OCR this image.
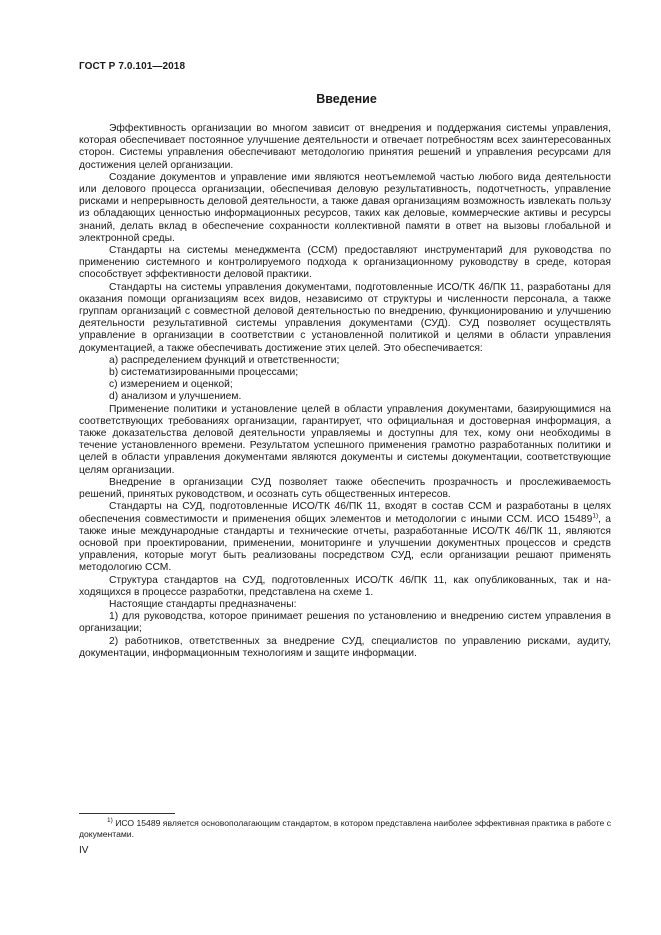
ГОСТ Р 7.0.101—2018
Введение

Эффективность организации во многом зависит от внедрения и поддержания системы управления, которая обеспечивает постоянное улучшение деятельности и отвечает потребностям всех заинтересованных сторон. Системы управления обеспечивают методологию принятия решений и управления ресурсами для достижения целей организации.

Создание документов и управление ими являются неотъемлемой частью любого вида деятельности или делового процесса организации, обеспечивая деловую результативность, подотчетность, управление рисками и непрерывность деловой деятельности, а также давая организациям возможность извлекать пользу из обладающих ценностью информационных ресурсов, таких как деловые, коммерческие активы и ресурсы знаний, делать вклад в обеспечение сохранности коллективной памяти в ответ на вызовы глобальной и электронной среды.

Стандарты на системы менеджмента (ССМ) предоставляют инструментарий для руководства по применению системного и контролируемого подхода к организационному руководству в среде, которая способствует эффективности деловой практики.

Стандарты на системы управления документами, подготовленные ИСО/ТК 46/ПК 11, разработаны для оказания помощи организациям всех видов, независимо от структуры и численности персонала, а также группам организаций с совместной деловой деятельностью по внедрению, функционированию и улучшению деятельности результативной системы управления документами (СУД). СУД позволяет осуществлять управление в организации в соответствии с установленной политикой и целями в области управления документацией, а также обеспечивать достижение этих целей. Это обеспечивается:

a) распределением функций и ответственности;

b) систематизированными процессами;

c) измерением и оценкой;

d) анализом и улучшением.

Применение политики и установление целей в области управления документами, базирующимися на соответствующих требованиях организации, гарантирует, что официальная и достоверная информация, а также доказательства деловой деятельности управляемы и доступны для тех, кому они необходимы в течение установленного времени. Результатом успешного применения грамотно разработанных политики и целей в области управления документами являются документы и системы документации, соответствующие целям организации.

Внедрение в организации СУД позволяет также обеспечить прозрачность и прослеживаемость решений, принятых руководством, и осознать суть общественных интересов.

Стандарты на СУД, подготовленные ИСО/ТК 46/ПК 11, входят в состав ССМ и разработаны в целях обеспечения совместимости и применения общих элементов и методологии с иными ССМ. ИСО 15489$^{1)}$, а также иные международные стандарты и технические отчеты, разработанные ИСО/ТК 46/ПК 11, являются основой при проектировании, применении, мониторинге и улучшении документных процессов и средств управления, которые могут быть реализованы посредством СУД, если организации решают применять методологию ССМ.

Структура стандартов на СУД, подготовленных ИСО/ТК 46/ПК 11, как опубликованных, так и находящихся в процессе разработки, представлена на схеме 1.

Настоящие стандарты предназначены:

1) для руководства, которое принимает решения по установлению и внедрению систем управления в организации;

2) работников, ответственных за внедрение СУД, специалистов по управлению рисками, аудиту, документации, информационным технологиям и защите информации.

$^{1)}$ ИСО 15489 является основополагающим стандартом, в котором представлена наиболее эффективная практика в работе с документами.
IV
